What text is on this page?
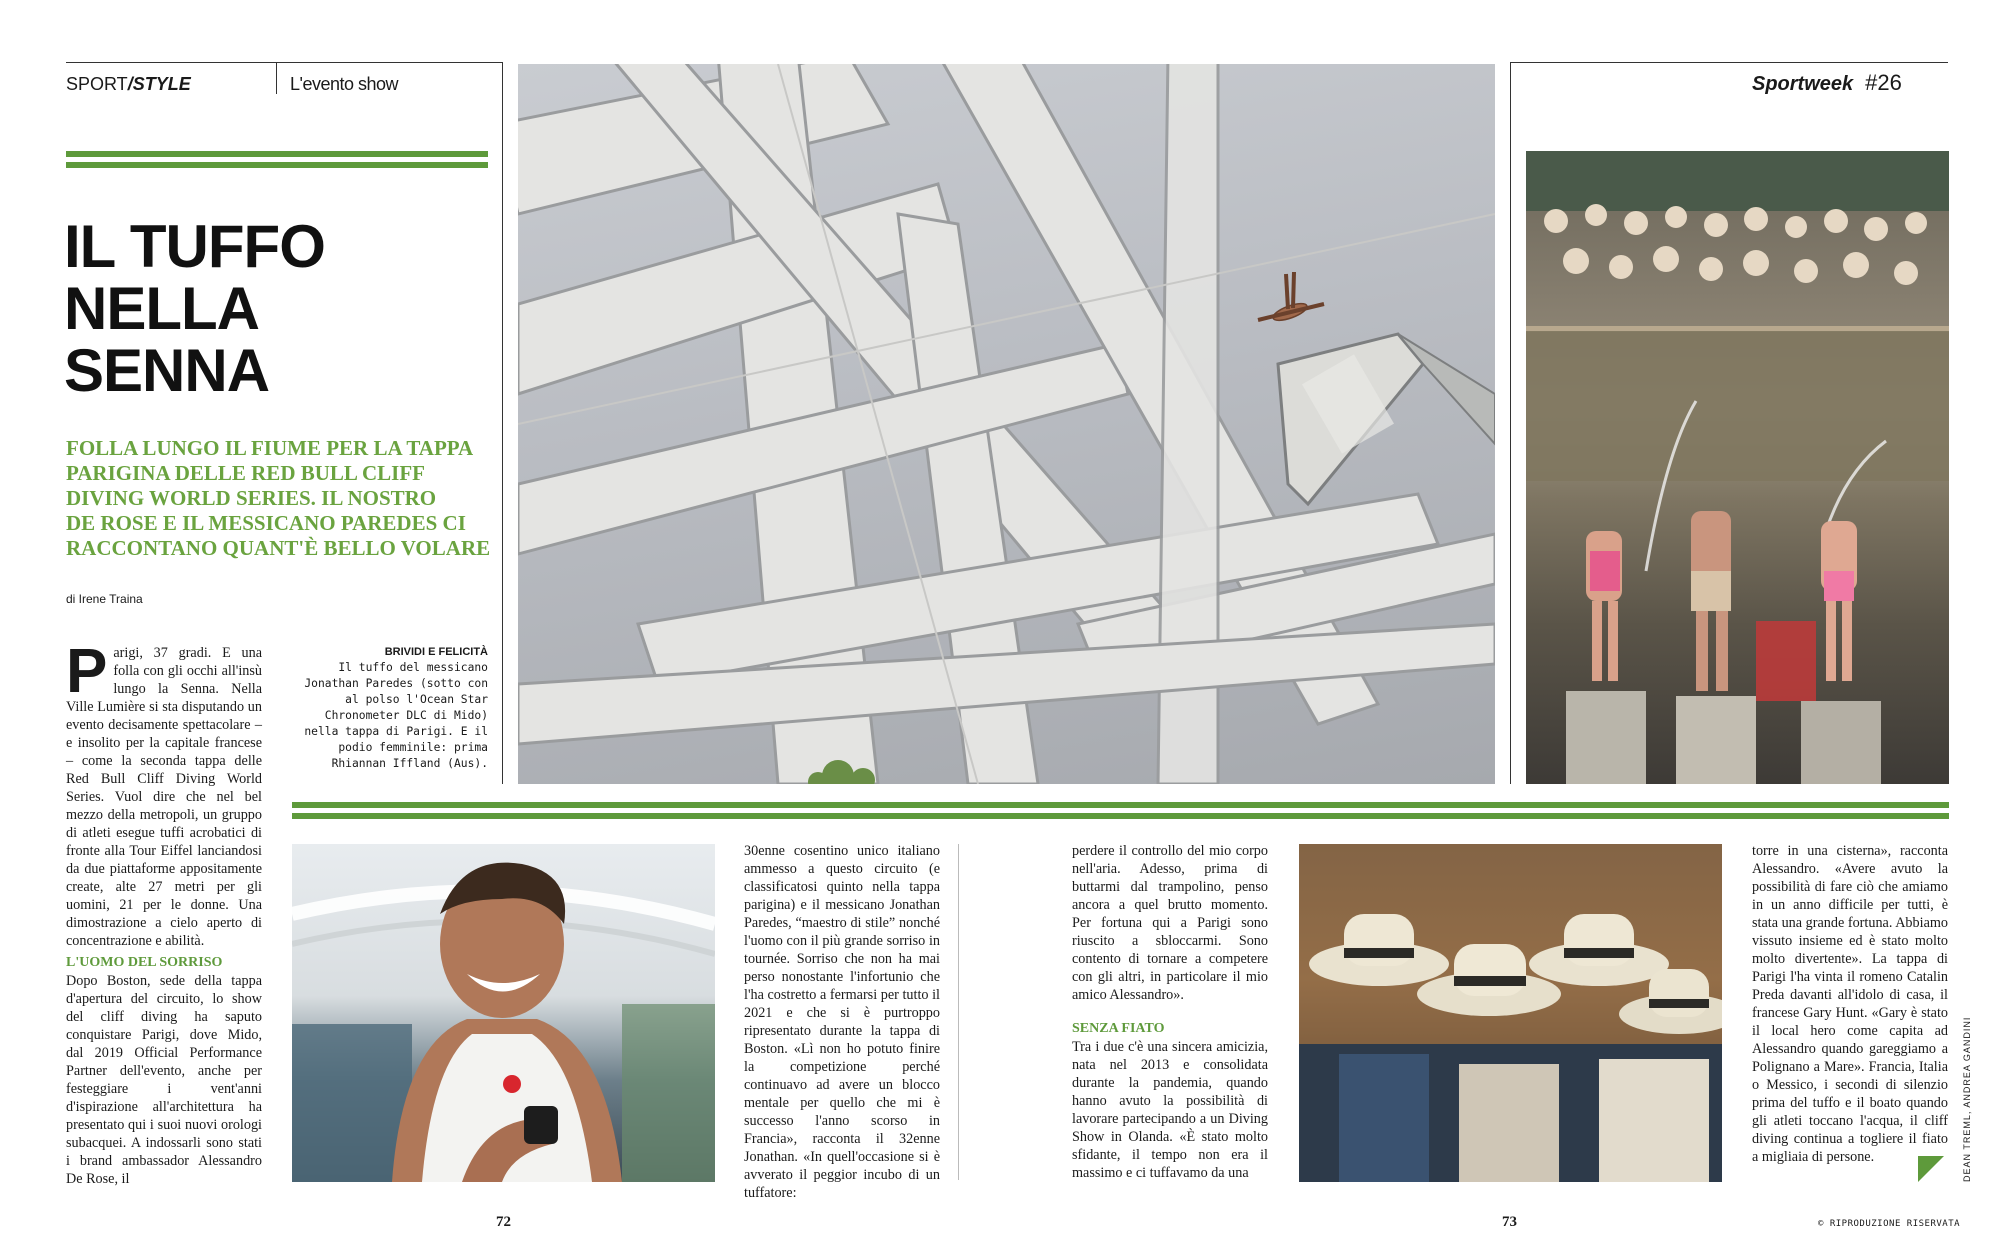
SPORT/STYLE	L'evento show
IL TUFFO
NELLA
SENNA
FOLLA LUNGO IL FIUME PER LA TAPPA
PARIGINA DELLE RED BULL CLIFF
DIVING WORLD SERIES. IL NOSTRO
DE ROSE E IL MESSICANO PAREDES CI
RACCONTANO QUANT'È BELLO VOLARE
di Irene Traina

Parigi, 37 gradi. E una folla con gli occhi all'insù lungo la Senna. Nella Ville Lumière si sta disputando un evento decisamente spettacolare – e insolito per la capitale francese – come la seconda tappa delle Red Bull Cliff Diving World Series. Vuol dire che nel bel mezzo della metropoli, un gruppo di atleti esegue tuffi acrobatici di fronte alla Tour Eiffel lanciandosi da due piattaforme appositamente create, alte 27 metri per gli uomini, 21 per le donne. Una dimostrazione a cielo aperto di concentrazione e abilità.

L'UOMO DEL SORRISO

Dopo Boston, sede della tappa d'apertura del circuito, lo show del cliff diving ha saputo conquistare Parigi, dove Mido, dal 2019 Official Performance Partner dell'evento, anche per festeggiare i vent'anni d'ispirazione all'architettura ha presentato qui i suoi nuovi orologi subacquei. A indossarli sono stati i brand ambassador Alessandro De Rose, il

BRIVIDI E FELICITÀ
Il tuffo del messicano Jonathan Paredes (sotto con al polso l'Ocean Star Chronometer DLC di Mido) nella tappa di Parigi. E il podio femminile: prima Rhiannan Iffland (Aus).
Sportweek #26

30enne cosentino unico italiano ammesso a questo circuito (e classificatosi quinto nella tappa parigina) e il messicano Jonathan Paredes, “maestro di stile” nonché l'uomo con il più grande sorriso in tournée. Sorriso che non ha mai perso nonostante l'infortunio che l'ha costretto a fermarsi per tutto il 2021 e che si è purtroppo ripresentato durante la tappa di Boston. «Lì non ho potuto finire la competizione perché continuavo ad avere un blocco mentale per quello che mi è successo l'anno scorso in Francia», racconta il 32enne Jonathan. «In quell'occasione si è avverato il peggior incubo di un tuffatore:

perdere il controllo del mio corpo nell'aria. Adesso, prima di buttarmi dal trampolino, penso ancora a quel brutto momento. Per fortuna qui a Parigi sono riuscito a sbloccarmi. Sono contento di tornare a competere con gli altri, in particolare il mio amico Alessandro».

SENZA FIATO

Tra i due c'è una sincera amicizia, nata nel 2013 e consolidata durante la pandemia, quando hanno avuto la possibilità di lavorare partecipando a un Diving Show in Olanda. «È stato molto sfidante, il tempo non era il massimo e ci tuffavamo da una

torre in una cisterna», racconta Alessandro. «Avere avuto la possibilità di fare ciò che amiamo in un anno difficile per tutti, è stata una grande fortuna. Abbiamo vissuto insieme ed è stato molto molto divertente». La tappa di Parigi l'ha vinta il romeno Catalin Preda davanti all'idolo di casa, il francese Gary Hunt. «Gary è stato il local hero come capita ad Alessandro quando gareggiamo a Polignano a Mare». Francia, Italia o Messico, i secondi di silenzio prima del tuffo e il boato quando gli atleti toccano l'acqua, il cliff diving continua a togliere il fiato a migliaia di persone.	DEAN TREML, ANDREA GANDINI
72	73	© RIPRODUZIONE RISERVATA
